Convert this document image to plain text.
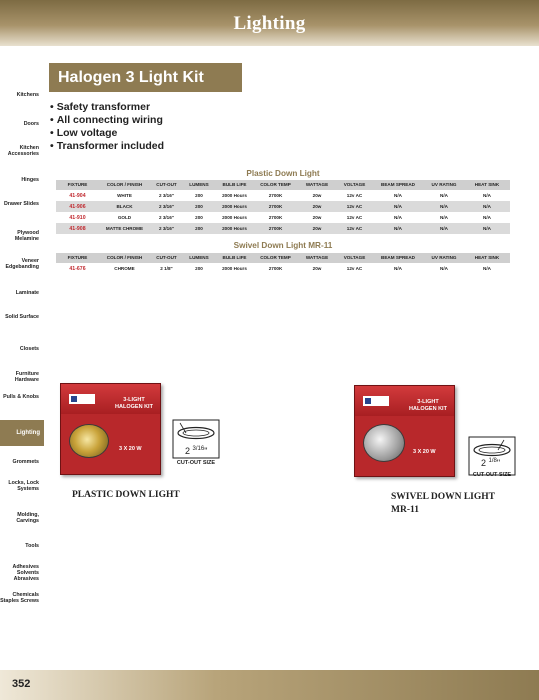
Lighting
Kitchens
Doors
Kitchen Accessories
Hinges
Drawer Slides
Plywood Melamine
Veneer Edgebanding
Laminate
Solid Surface
Closets
Furniture Hardware
Pulls & Knobs
Lighting
Grommets
Locks, Lock Systems
Molding, Carvings
Tools
Adhesives Solvents Abrasives
Chemicals Staples Screws
Halogen 3 Light Kit
• Safety transformer
• All connecting wiring
• Low voltage
• Transformer included
Plastic Down Light
FIXTURE	COLOR / FINISH	CUT-OUT	LUMENS	BULB LIFE	COLOR TEMP	WATTAGE	VOLTAGE	BEAM SPREAD	UV RATING	HEAT SINK
41-904	WHITE	2 3/16"	200	2000 Hours	2700K	20w	12v AC	N/A	N/A	N/A
41-906	BLACK	2 3/16"	200	2000 Hours	2700K	20w	12v AC	N/A	N/A	N/A
41-910	GOLD	2 3/16"	200	2000 Hours	2700K	20w	12v AC	N/A	N/A	N/A
41-908	MATTE CHROME	2 3/16"	200	2000 Hours	2700K	20w	12v AC	N/A	N/A	N/A
Swivel Down Light MR-11
FIXTURE	COLOR / FINISH	CUT-OUT	LUMENS	BULB LIFE	COLOR TEMP	WATTAGE	VOLTAGE	BEAM SPREAD	UV RATING	HEAT SINK
41-676	CHROME	2 1/8"	200	2000 Hours	2700K	20w	12v AC	N/A	N/A	N/A
3-LIGHT
HALOGEN KIT
3 X 20 W	2 $^{3/16}$"
CUT-OUT SIZE
PLASTIC DOWN LIGHT
3-LIGHT
HALOGEN KIT
3 X 20 W
2 $^{1/8}$"
CUT-OUT SIZE
SWIVEL DOWN LIGHT
MR-11
352
